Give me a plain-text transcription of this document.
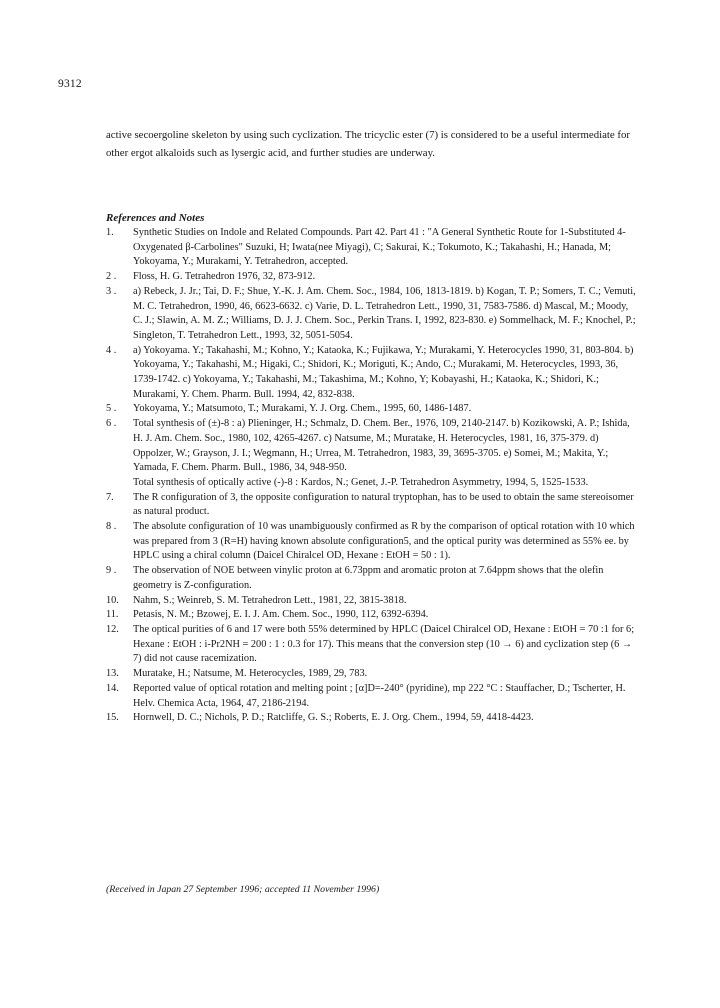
9312
active secoergoline skeleton by using such cyclization. The tricyclic ester (7) is considered to be a useful intermediate for other ergot alkaloids such as lysergic acid, and further studies are underway.
References and Notes
1.	Synthetic Studies on Indole and Related Compounds. Part 42. Part 41 : "A General Synthetic Route for 1-Substituted 4-Oxygenated β-Carbolines" Suzuki, H; Iwata(nee Miyagi), C; Sakurai, K.; Tokumoto, K.; Takahashi, H.; Hanada, M; Yokoyama, Y.; Murakami, Y. Tetrahedron, accepted.
2 .	Floss, H. G. Tetrahedron 1976, 32, 873-912.
3 .	a) Rebeck, J. Jr.; Tai, D. F.; Shue, Y.-K. J. Am. Chem. Soc., 1984, 106, 1813-1819. b) Kogan, T. P.; Somers, T. C.; Vemuti, M. C. Tetrahedron, 1990, 46, 6623-6632. c) Varie, D. L. Tetrahedron Lett., 1990, 31, 7583-7586. d) Mascal, M.; Moody, C. J.; Slawin, A. M. Z.; Williams, D. J. J. Chem. Soc., Perkin Trans. I, 1992, 823-830. e) Sommelhack, M. F.; Knochel, P.; Singleton, T. Tetrahedron Lett., 1993, 32, 5051-5054.
4 .	a) Yokoyama. Y.; Takahashi, M.; Kohno, Y.; Kataoka, K.; Fujikawa, Y.; Murakami, Y. Heterocycles 1990, 31, 803-804. b) Yokoyama, Y.; Takahashi, M.; Higaki, C.; Shidori, K.; Moriguti, K.; Ando, C.; Murakami, M. Heterocycles, 1993, 36, 1739-1742. c) Yokoyama, Y.; Takahashi, M.; Takashima, M.; Kohno, Y; Kobayashi, H.; Kataoka, K.; Shidori, K.; Murakami, Y. Chem. Pharm. Bull. 1994, 42, 832-838.
5 .	Yokoyama, Y.; Matsumoto, T.; Murakami, Y. J. Org. Chem., 1995, 60, 1486-1487.
6 .	Total synthesis of (±)-8 : a) Plieninger, H.; Schmalz, D. Chem. Ber., 1976, 109, 2140-2147. b) Kozikowski, A. P.; Ishida, H. J. Am. Chem. Soc., 1980, 102, 4265-4267. c) Natsume, M.; Muratake, H. Heterocycles, 1981, 16, 375-379. d) Oppolzer, W.; Grayson, J. I.; Wegmann, H.; Urrea, M. Tetrahedron, 1983, 39, 3695-3705. e) Somei, M.; Makita, Y.; Yamada, F. Chem. Pharm. Bull., 1986, 34, 948-950.
Total synthesis of optically active (-)-8 : Kardos, N.; Genet, J.-P. Tetrahedron Asymmetry, 1994, 5, 1525-1533.
7.	The R configuration of 3, the opposite configuration to natural tryptophan, has to be used to obtain the same stereoisomer as natural product.
8 .	The absolute configuration of 10 was unambiguously confirmed as R by the comparison of optical rotation with 10 which was prepared from 3 (R=H) having known absolute configuration5, and the optical purity was determined as 55% ee. by HPLC using a chiral column (Daicel Chiralcel OD, Hexane : EtOH = 50 : 1).
9 .	The observation of NOE between vinylic proton at 6.73ppm and aromatic proton at 7.64ppm shows that the olefin geometry is Z-configuration.
10.	Nahm, S.; Weinreb, S. M. Tetrahedron Lett., 1981, 22, 3815-3818.
11.	Petasis, N. M.; Bzowej, E. I. J. Am. Chem. Soc., 1990, 112, 6392-6394.
12.	The optical purities of 6 and 17 were both 55% determined by HPLC (Daicel Chiralcel OD, Hexane : EtOH = 70 :1 for 6; Hexane : EtOH : i-Pr2NH = 200 : 1 : 0.3 for 17). This means that the conversion step (10 → 6) and cyclization step (6 → 7) did not cause racemization.
13.	Muratake, H.; Natsume, M. Heterocycles, 1989, 29, 783.
14.	Reported value of optical rotation and melting point ; [α]D=-240° (pyridine), mp 222 °C : Stauffacher, D.; Tscherter, H. Helv. Chemica Acta, 1964, 47, 2186-2194.
15.	Hornwell, D. C.; Nichols, P. D.; Ratcliffe, G. S.; Roberts, E. J. Org. Chem., 1994, 59, 4418-4423.
(Received in Japan 27 September 1996; accepted 11 November 1996)
